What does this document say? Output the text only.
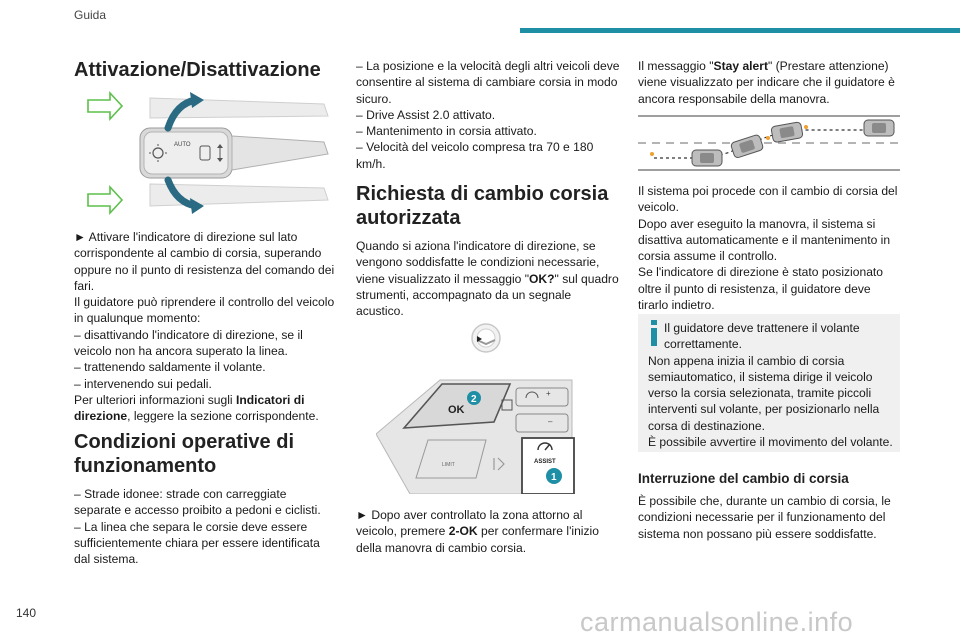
Guida
140	carmanualsonline.info
Attivazione/Disattivazione
AUTO

► Attivare l'indicatore di direzione sul lato corrispondente al cambio di corsia, superando oppure no il punto di resistenza del comando dei fari.

Il guidatore può riprendere il controllo del veicolo in qualunque momento:

– disattivando l'indicatore di direzione, se il veicolo non ha ancora superato la linea.

– trattenendo saldamente il volante.

– intervenendo sui pedali.

Per ulteriori informazioni sugli Indicatori di direzione, leggere la sezione corrispondente.

Condizioni operative di funzionamento

– Strade idonee: strade con carreggiate separate e accesso proibito a pedoni e ciclisti.

– La linea che separa le corsie deve essere sufficientemente chiara per essere identificata dal sistema.

– La posizione e la velocità degli altri veicoli deve consentire al sistema di cambiare corsia in modo sicuro.

– Drive Assist 2.0 attivato.

– Mantenimento in corsia attivato.

– Velocità del veicolo compresa tra 70 e 180 km/h.

Richiesta di cambio corsia autorizzata

Quando si aziona l'indicatore di direzione, se vengono soddisfatte le condizioni necessarie, viene visualizzato il messaggio "OK?" sul quadro strumenti, accompagnato da un segnale acustico.

OK
2
+
–
LIMIT	ASSIST
1

► Dopo aver controllato la zona attorno al veicolo, premere 2-OK per confermare l'inizio della manovra di cambio corsia.

Il messaggio "Stay alert" (Prestare attenzione) viene visualizzato per indicare che il guidatore è ancora responsabile della manovra.

Il sistema poi procede con il cambio di corsia del veicolo.

Dopo aver eseguito la manovra, il sistema si disattiva automaticamente e il mantenimento in corsia assume il controllo.

Se l'indicatore di direzione è stato posizionato oltre il punto di resistenza, il guidatore deve tirarlo indietro.

Il guidatore deve trattenere il volante correttamente.

Non appena inizia il cambio di corsia semiautomatico, il sistema dirige il veicolo verso la corsia selezionata, tramite piccoli interventi sul volante, per posizionarlo nella corsa di destinazione.

È possibile avvertire il movimento del volante.

Interruzione del cambio di corsia

È possibile che, durante un cambio di corsia, le condizioni necessarie per il funzionamento del sistema non possano più essere soddisfatte.
